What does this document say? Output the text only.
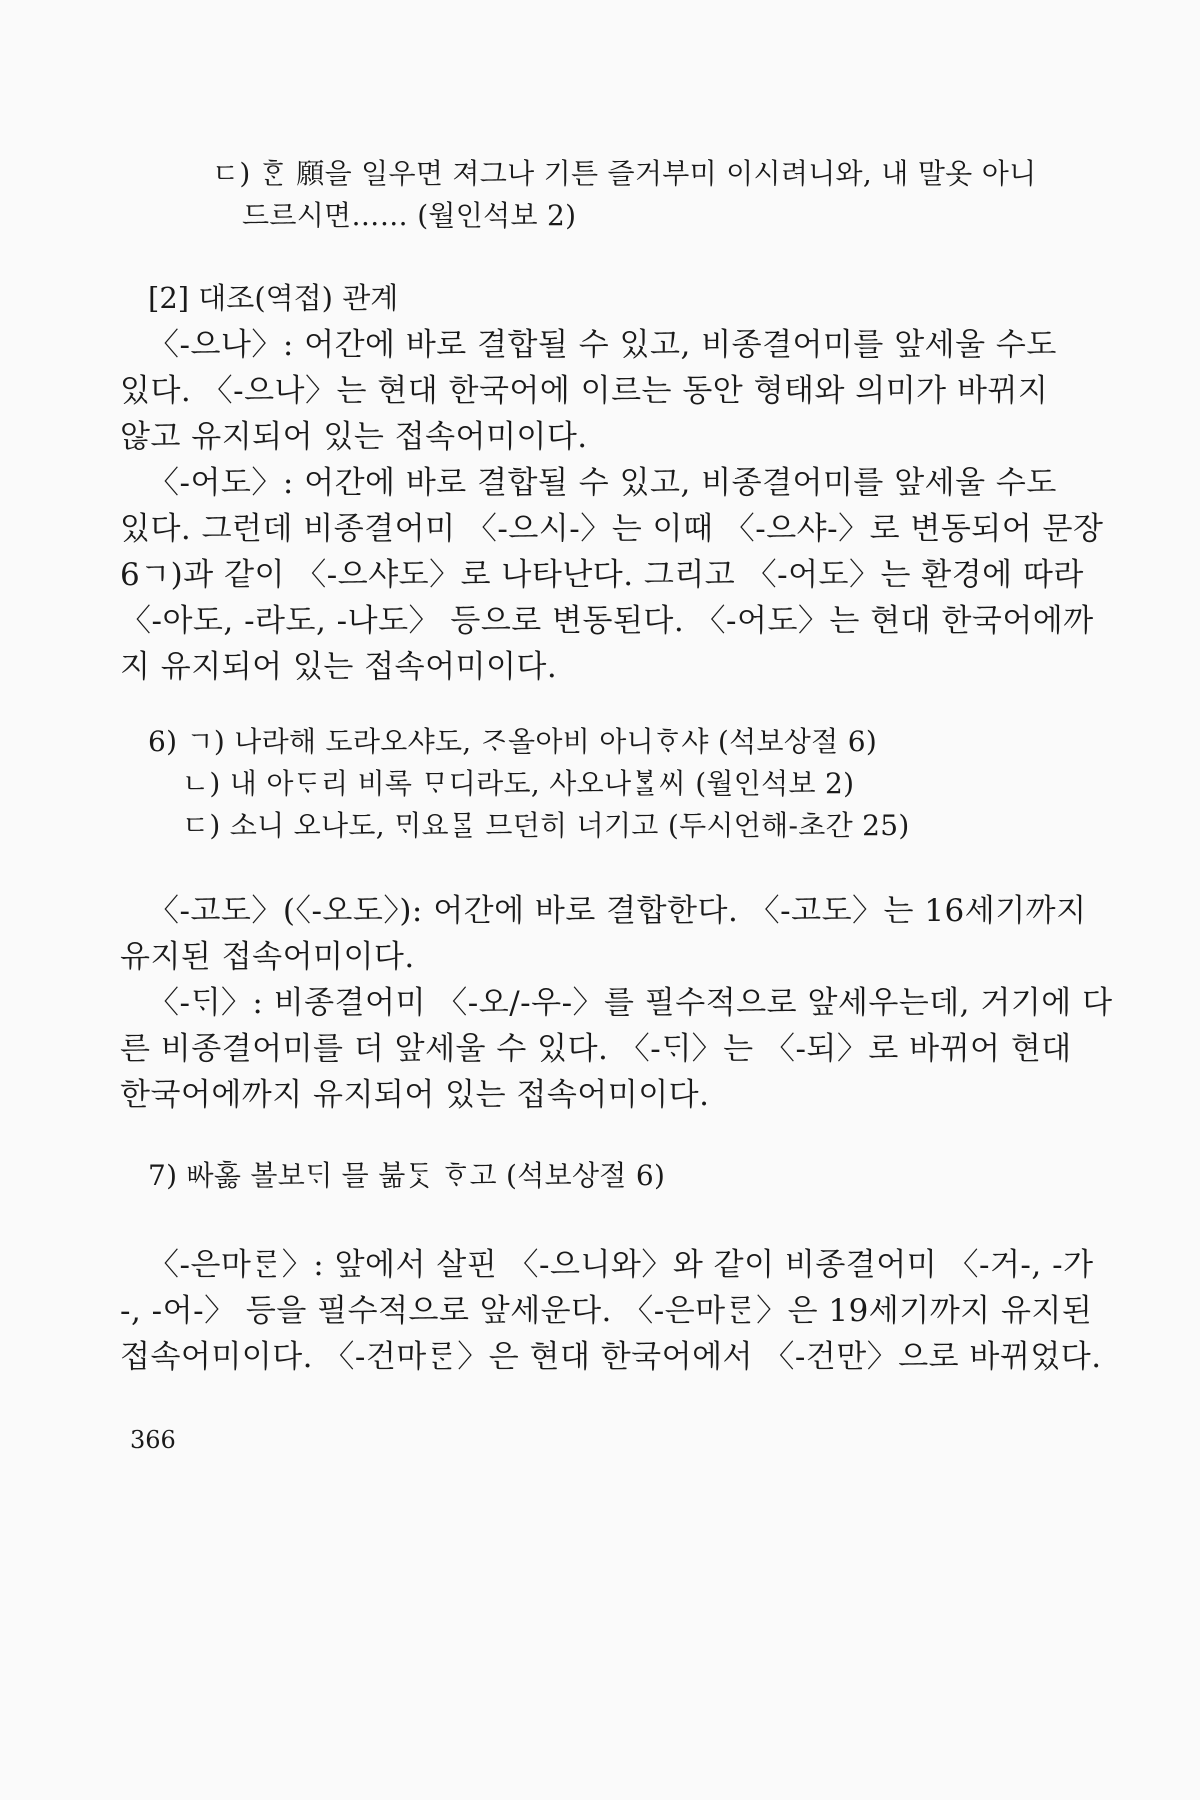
ㄷ) ᄒᆞᆫ 願을 일우면 져그나 기튼 즐거부미 이시려니와, 내 말옷 아니
드르시면…… (월인석보 2)
[2] 대조(역접) 관계
〈-으나〉: 어간에 바로 결합될 수 있고, 비종결어미를 앞세울 수도
있다. 〈-으나〉는 현대 한국어에 이르는 동안 형태와 의미가 바뀌지
않고 유지되어 있는 접속어미이다.
〈-어도〉: 어간에 바로 결합될 수 있고, 비종결어미를 앞세울 수도
있다. 그런데 비종결어미 〈-으시-〉는 이때 〈-으샤-〉로 변동되어 문장
6ㄱ)과 같이 〈-으샤도〉로 나타난다. 그리고 〈-어도〉는 환경에 따라
〈-아도, -라도, -나도〉 등으로 변동된다. 〈-어도〉는 현대 한국어에까
지 유지되어 있는 접속어미이다.
6) ㄱ) 나라해 도라오샤도, ᄌᆞ올아비 아니ᄒᆞ샤 (석보상절 6)
ㄴ) 내 아ᄃᆞ리 비록 ᄆᆞ디라도, 사오나ᄫᆞᆯ씨 (월인석보 2)
ㄷ) 소니 오나도, ᄆᆡ요ᄆᆞᆯ 므던히 너기고 (두시언해-초간 25)
〈-고도〉(〈-오도〉): 어간에 바로 결합한다. 〈-고도〉는 16세기까지
유지된 접속어미이다.
〈-ᄃᆡ〉: 비종결어미 〈-오/-우-〉를 필수적으로 앞세우는데, 거기에 다
른 비종결어미를 더 앞세울 수 있다. 〈-ᄃᆡ〉는 〈-되〉로 바뀌어 현대
한국어에까지 유지되어 있는 접속어미이다.
7) ᄡᅡ호ᇙ 볼보ᄃᆡ 믈 붊ᄃᆞᆺ ᄒᆞ고 (석보상절 6)
〈-은마ᄅᆞᆫ〉: 앞에서 살핀 〈-으니와〉와 같이 비종결어미 〈-거-, -가
-, -어-〉 등을 필수적으로 앞세운다. 〈-은마ᄅᆞᆫ〉은 19세기까지 유지된
접속어미이다. 〈-건마ᄅᆞᆫ〉은 현대 한국어에서 〈-건만〉으로 바뀌었다.
366
